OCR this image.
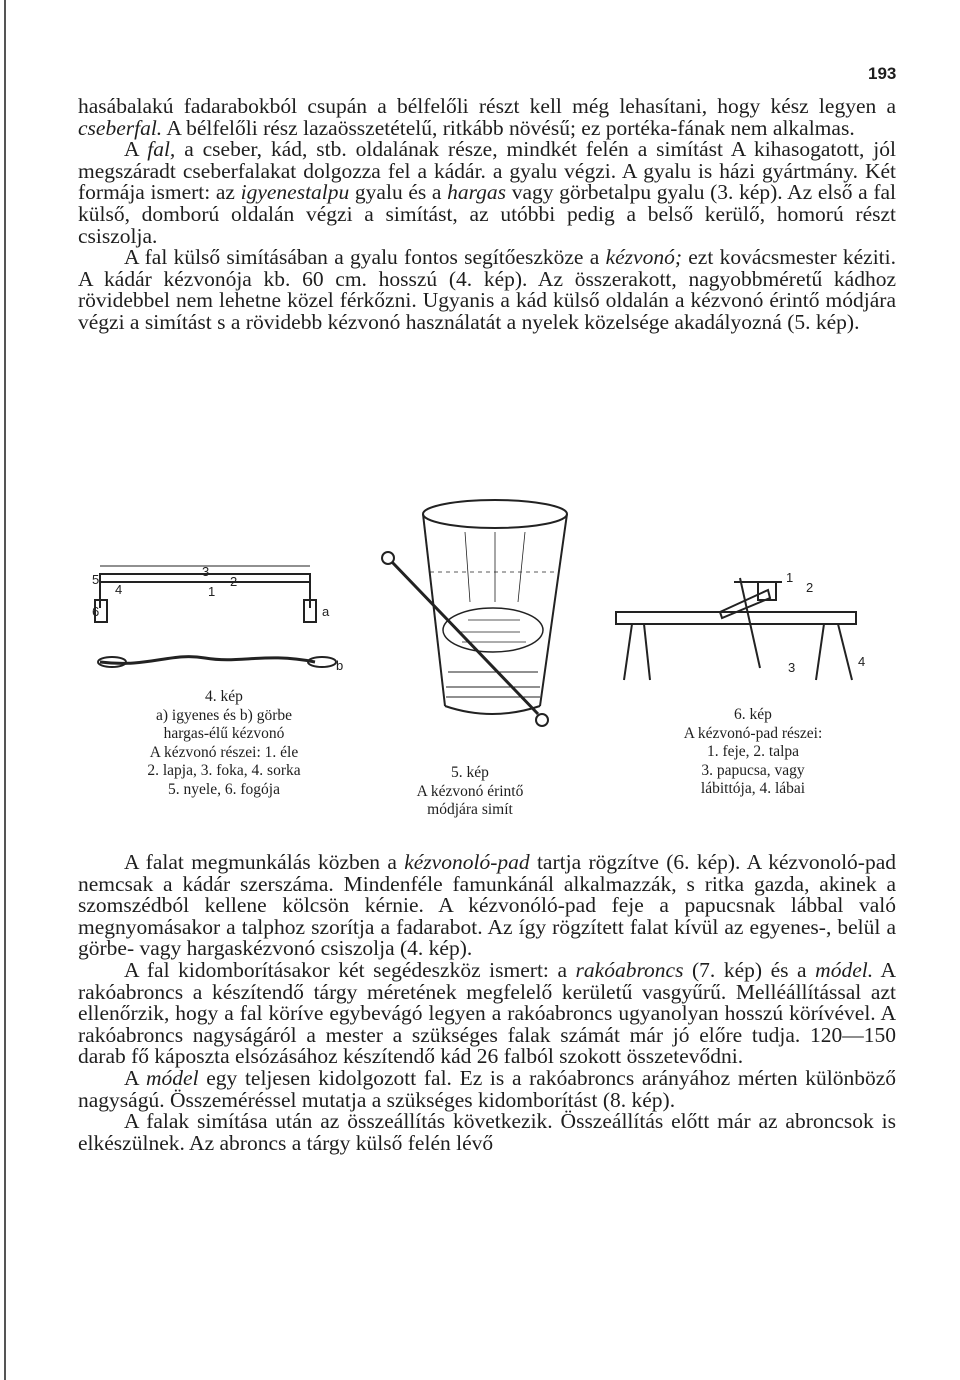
193

hasábalakú fadarabokból csupán a bélfelőli részt kell még lehasítani, hogy kész legyen a cseberfal. A bélfelőli rész lazaösszetételű, ritkább növésű; ez portéka-fának nem alkalmas.

A fal, a cseber, kád, stb. oldalának része, mindkét felén a simítást A kihasogatott, jól megszáradt cseberfalakat dolgozza fel a kádár. a gyalu végzi. A gyalu is házi gyártmány. Két formája ismert: az igyenestalpu gyalu és a hargas vagy görbetalpu gyalu (3. kép). Az első a fal külső, domború oldalán végzi a simítást, az utóbbi pedig a belső kerülő, homorú részt csiszolja.

A fal külső simításában a gyalu fontos segítőeszköze a kézvonó; ezt kovácsmester kéziti. A kádár kézvonója kb. 60 cm. hosszú (4. kép). Az összerakott, nagyobbméretű kádhoz rövidebbel nem lehetne közel férkőzni. Ugyanis a kád külső oldalán a kézvonó érintő módjára végzi a simítást s a rövidebb kézvonó használatát a nyelek közelsége akadályozná (5. kép).

5
4
3
2
1
6	a
b
4. kép
a) igyenes és b) görbe
hargas-élű kézvonó
A kézvonó részei: 1. éle
2. lapja, 3. foka, 4. sorka
5. nyele, 6. fogója
5. kép
A kézvonó érintő
módjára simít
1
2
3	4
6. kép
A kézvonó-pad részei:
1. feje, 2. talpa
3. papucsa, vagy
lábittója, 4. lábai

A falat megmunkálás közben a kézvonoló-pad tartja rögzítve (6. kép). A kézvonoló-pad nemcsak a kádár szerszáma. Mindenféle famunkánál alkalmazzák, s ritka gazda, akinek a szomszédból kellene kölcsön kérnie. A kézvonóló-pad feje a papucsnak lábbal való megnyomásakor a talphoz szorítja a fadarabot. Az így rögzített falat kívül az egyenes-, belül a görbe- vagy hargaskézvonó csiszolja (4. kép).

A fal kidomborításakor két segédeszköz ismert: a rakóabroncs (7. kép) és a módel. A rakóabroncs a készítendő tárgy méretének megfelelő kerületű vasgyűrű. Melléállítással azt ellenőrzik, hogy a fal köríve egybevágó legyen a rakóabroncs ugyanolyan hosszú körívével. A rakóabroncs nagyságáról a mester a szükséges falak számát már jó előre tudja. 120—150 darab fő káposzta elsózásához készítendő kád 26 falból szokott összetevődni.

A módel egy teljesen kidolgozott fal. Ez is a rakóabroncs arányához mérten különböző nagyságú. Összeméréssel mutatja a szükséges kidomborítást (8. kép).

A falak simítása után az összeállítás következik. Összeállítás előtt már az abroncsok is elkészülnek. Az abroncs a tárgy külső felén lévő
